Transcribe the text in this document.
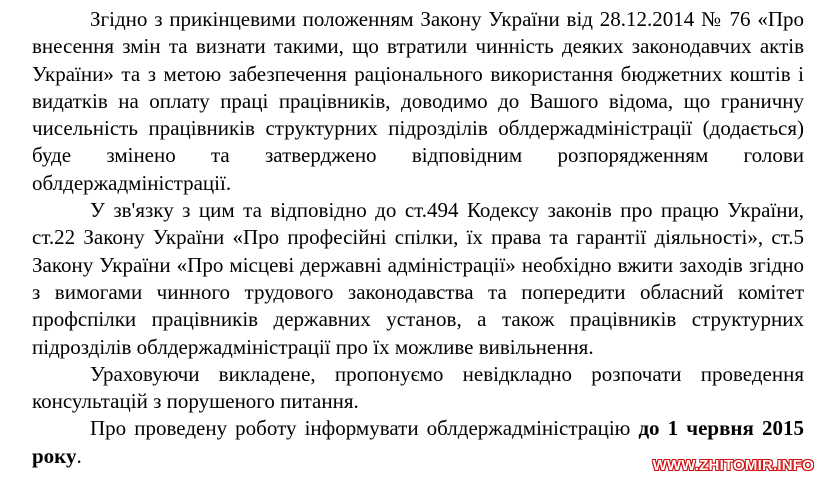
Згідно з прикінцевими положенням Закону України від 28.12.2014 № 76 «Про внесення змін та визнати такими, що втратили чинність деяких законодавчих актів України» та з метою забезпечення раціонального використання бюджетних коштів і видатків на оплату праці працівників, доводимо до Вашого відома, що граничну чисельність працівників структурних підрозділів облдержадміністрації (додається) буде змінено та затверджено відповідним розпорядженням голови облдержадміністрації.

У зв'язку з цим та відповідно до ст.494 Кодексу законів про працю України, ст.22 Закону України «Про професійні спілки, їх права та гарантії діяльності», ст.5 Закону України «Про місцеві державні адміністрації» необхідно вжити заходів згідно з вимогами чинного трудового законодавства та попередити обласний комітет профспілки працівників державних установ, а також працівників структурних підрозділів облдержадміністрації про їх можливе вивільнення.

Ураховуючи викладене, пропонуємо невідкладно розпочати проведення консультацій з порушеного питання.

Про проведену роботу інформувати облдержадміністрацію до 1 червня 2015 року.	WWW.ZHITOMIR.INFO
